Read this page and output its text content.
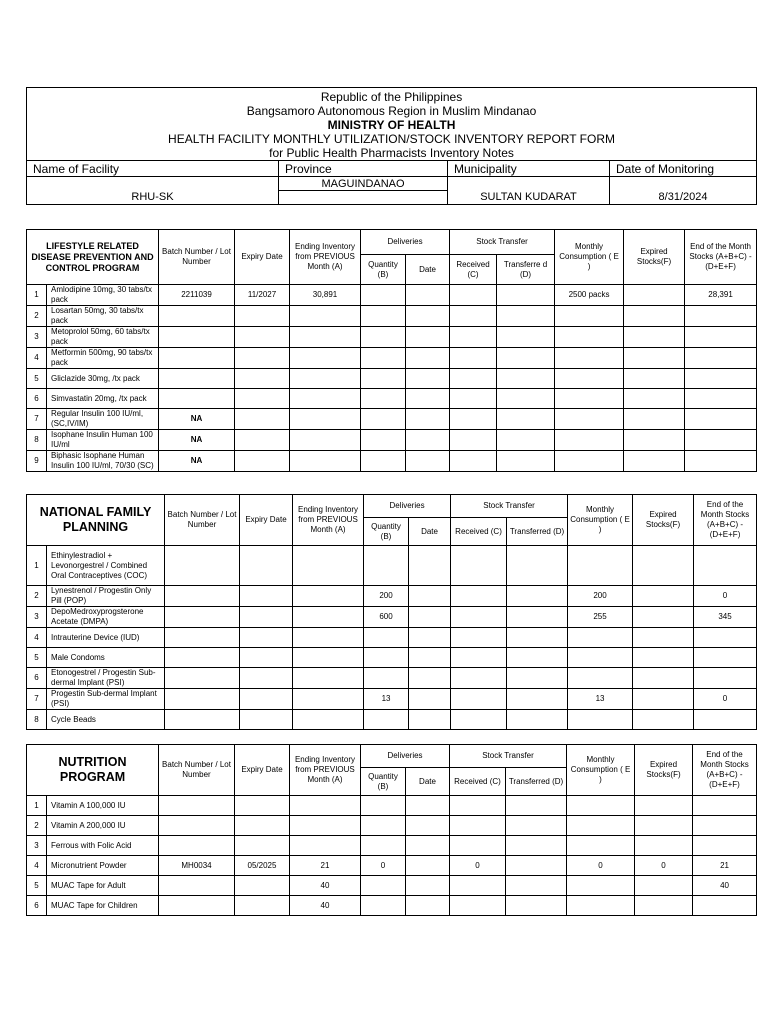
Republic of the Philippines
Bangsamoro Autonomous Region in Muslim Mindanao
MINISTRY OF HEALTH
HEALTH FACILITY MONTHLY UTILIZATION/STOCK INVENTORY REPORT FORM
for Public Health Pharmacists Inventory Notes			

Name of Facility	Province	Municipality	Date of Monitoring
RHU-SK	MAGUINDANAO	SULTAN KUDARAT	8/31/2024

LIFESTYLE RELATED DISEASE PREVENTION AND CONTROL PROGRAM		Batch Number / Lot Number	Expiry Date	Ending Inventory from PREVIOUS Month (A)	Deliveries		Stock Transfer		Monthly Consumption ( E )	Expired Stocks(F)	End of the Month Stocks (A+B+C) - (D+E+F)
					Quantity (B)	Date	Received (C)	Transferre d (D)			
1	Amlodipine 10mg, 30 tabs/tx pack	2211039	11/2027	30,891					2500 packs		28,391
2	Losartan 50mg, 30 tabs/tx pack										
3	Metoprolol 50mg, 60 tabs/tx pack										
4	Metformin 500mg, 90 tabs/tx pack										
5	Gliclazide 30mg, /tx pack										
6	Simvastatin 20mg, /tx pack										
7	Regular Insulin 100 IU/ml, (SC,IV/IM)	NA									
8	Isophane Insulin Human 100 IU/ml	NA									
9	Biphasic Isophane Human Insulin 100 IU/ml, 70/30 (SC)	NA									
NATIONAL FAMILY PLANNING		Batch Number / Lot Number	Expiry Date	Ending Inventory from PREVIOUS Month (A)	Deliveries		Stock Transfer		Monthly Consumption ( E )	Expired Stocks(F)	End of the Month Stocks (A+B+C) - (D+E+F)
					Quantity (B)	Date	Received (C)	Transferred (D)			
1	Ethinylestradiol + Levonorgestrel / Combined Oral Contraceptives (COC)										
2	Lynestrenol / Progestin Only Pill (POP)				200				200		0
3	DepoMedroxyprogsterone Acetate (DMPA)				600				255		345
4	Intrauterine Device (IUD)										
5	Male Condoms										
6	Etonogestrel / Progestin Sub-dermal Implant (PSI)										
7	Progestin Sub-dermal Implant (PSI)				13				13		0
8	Cycle Beads										
NUTRITION PROGRAM		Batch Number / Lot Number	Expiry Date	Ending Inventory from PREVIOUS Month (A)	Deliveries		Stock Transfer		Monthly Consumption ( E )	Expired Stocks(F)	End of the Month Stocks (A+B+C) - (D+E+F)
					Quantity (B)	Date	Received (C)	Transferred (D)			
1	Vitamin A 100,000 IU										
2	Vitamin A 200,000 IU										
3	Ferrous with Folic Acid										
4	Micronutrient Powder	MH0034	05/2025	21	0		0		0	0	21
5	MUAC Tape for Adult			40							40
6	MUAC Tape for Children			40							
